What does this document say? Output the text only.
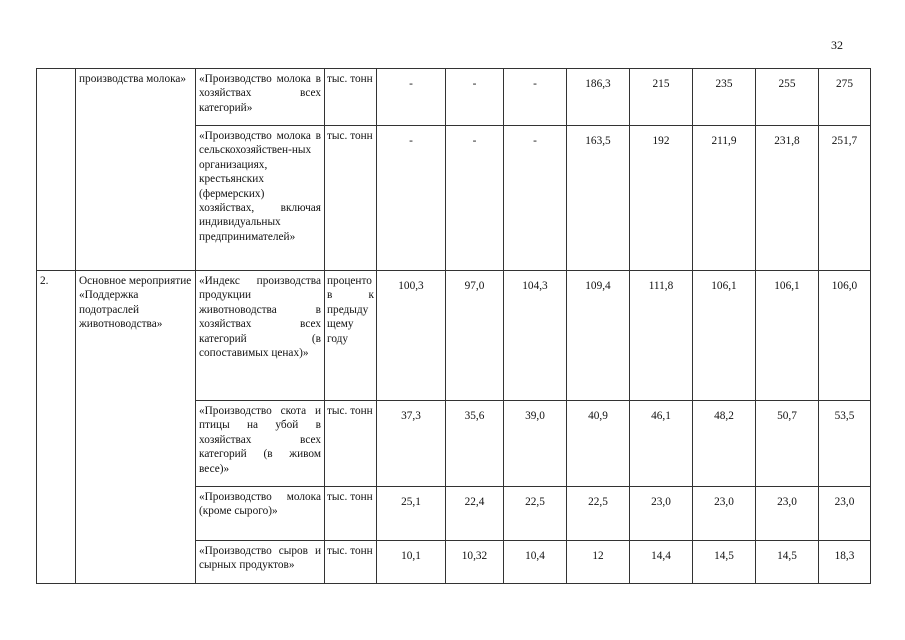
32
	производства молока»	«Производство молока в хозяйствах всех категорий»	тыс. тонн	-	-	-	186,3	215	235	255	275
		«Производство молока в сельскохозяйствен-ных организациях, крестьянских (фермерских) хозяйствах, включая индивидуальных предпринимателей»	тыс. тонн	-	-	-	163,5	192	211,9	231,8	251,7
2.	Основное мероприятие «Поддержка подотраслей животноводства»	«Индекс производства продукции животноводства в хозяйствах всех категорий (в сопоставимых ценах)»	процентов к предыдущему году	100,3	97,0	104,3	109,4	111,8	106,1	106,1	106,0
		«Производство скота и птицы на убой в хозяйствах всех категорий (в живом весе)»	тыс. тонн	37,3	35,6	39,0	40,9	46,1	48,2	50,7	53,5
		«Производство молока (кроме сырого)»	тыс. тонн	25,1	22,4	22,5	22,5	23,0	23,0	23,0	23,0
		«Производство сыров и сырных продуктов»	тыс. тонн	10,1	10,32	10,4	12	14,4	14,5	14,5	18,3
